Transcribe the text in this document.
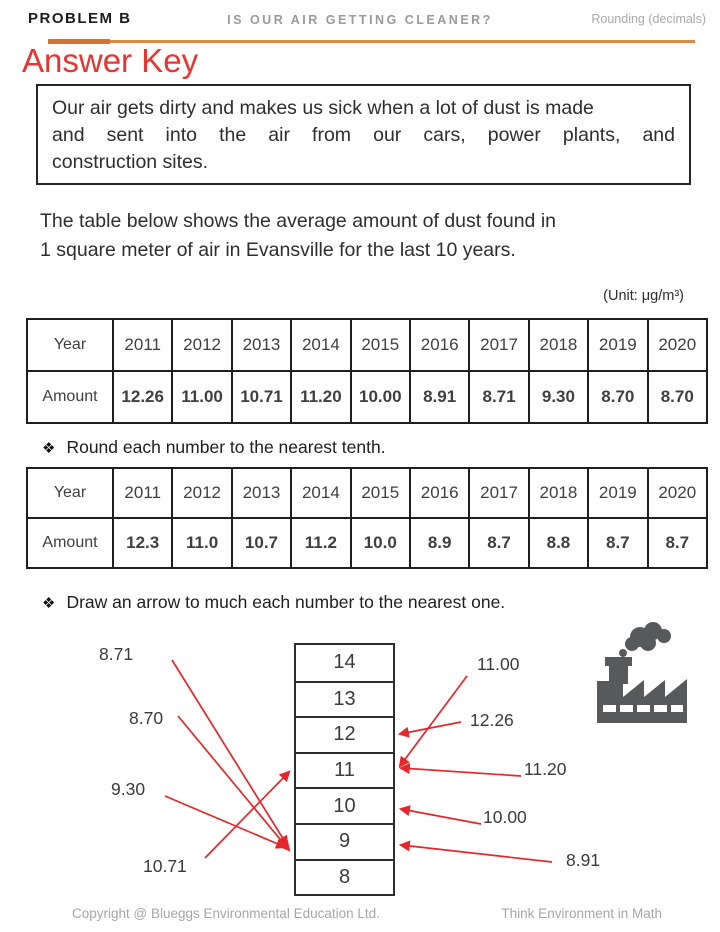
PROBLEM B	IS OUR AIR GETTING CLEANER?	Rounding (decimals)
Answer Key
Our air gets dirty and makes us sick when a lot of dust is made
and sent into the air from our cars, power plants, and
construction sites.
The table below shows the average amount of dust found in
1 square meter of air in Evansville for the last 10 years.
(Unit: μg/m³)
Year	2011	2012	2013	2014	2015	2016	2017	2018	2019	2020
Amount	12.26	11.00	10.71	11.20	10.00	8.91	8.71	9.30	8.70	8.70
❖ Round each number to the nearest tenth.
Year	2011	2012	2013	2014	2015	2016	2017	2018	2019	2020
Amount	12.3	11.0	10.7	11.2	10.0	8.9	8.7	8.8	8.7	8.7
❖ Draw an arrow to much each number to the nearest one.
14
13
12
11
10
9
8
8.71
8.70
9.30
10.71
11.00
12.26
11.20
10.00
8.91
Copyright @ Blueggs Environmental Education Ltd.	Think Environment in Math
